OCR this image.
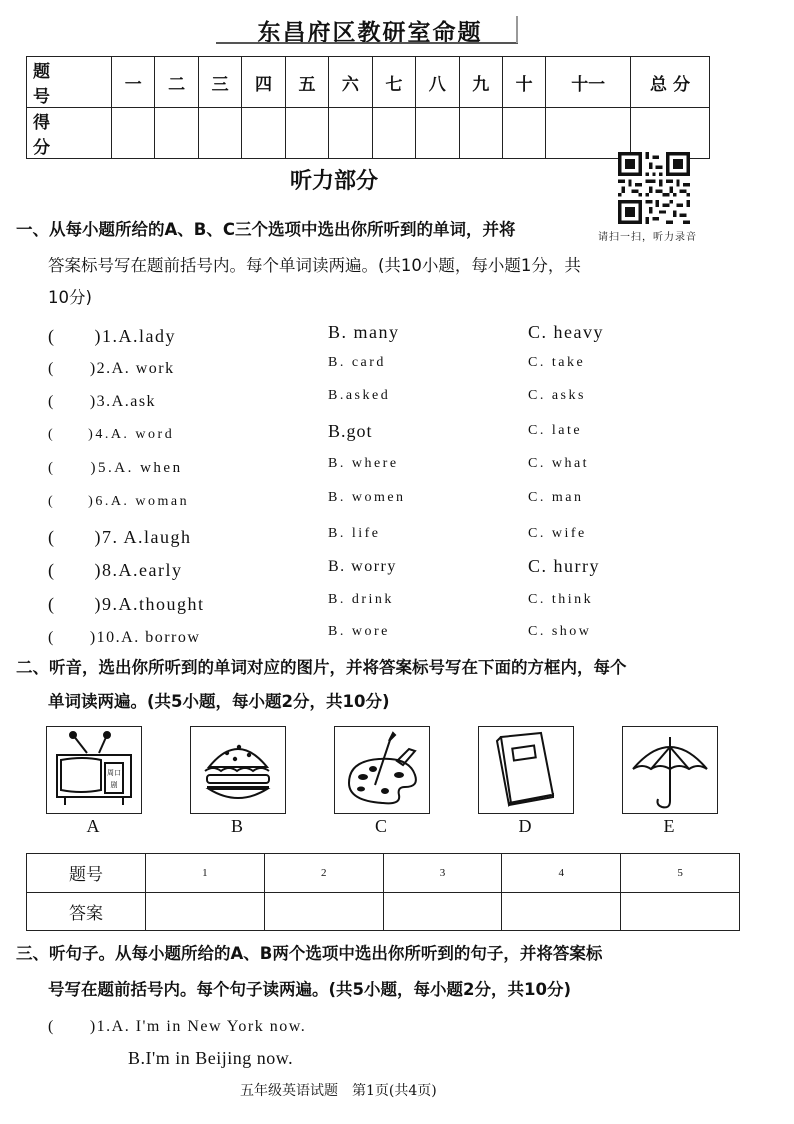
东昌府区教研室命题
题 号	一	二	三	四	五	六	七	八	九	十	十一	总 分
得 分												
听力部分
请扫一扫，听力录音
一、从每小题所给的A、B、C三个选项中选出你所听到的单词，并将
答案标号写在题前括号内。每个单词读两遍。(共10小题，每小题1分，共
10分)
(　　)1.A.lady	B. many	C. heavy
(　　)2.A. work	B. card	C. take
(　　)3.A.ask	B.asked	C. asks
(　　)4.A. word	B.got	C. late
(　　)5.A. when	B. where	C. what
(　　)6.A. woman	B. women	C. man
(　　)7. A.laugh	B. life	C. wife
(　　)8.A.early	B. worry	C. hurry
(　　)9.A.thought	B. drink	C. think
(　　)10.A. borrow	B. wore	C. show
二、听音，选出你所听到的单词对应的图片，并将答案标号写在下面的方框内，每个
单词读两遍。(共5小题，每小题2分，共10分)
周口
剧
A	B	C	D	E
题号	1	2	3	4	5
答案					
三、听句子。从每小题所给的A、B两个选项中选出你所听到的句子，并将答案标
号写在题前括号内。每个句子读两遍。(共5小题，每小题2分，共10分)
(　　)1.A. I'm in New York now.
B.I'm in Beijing now.
五年级英语试题　第1页(共4页)
